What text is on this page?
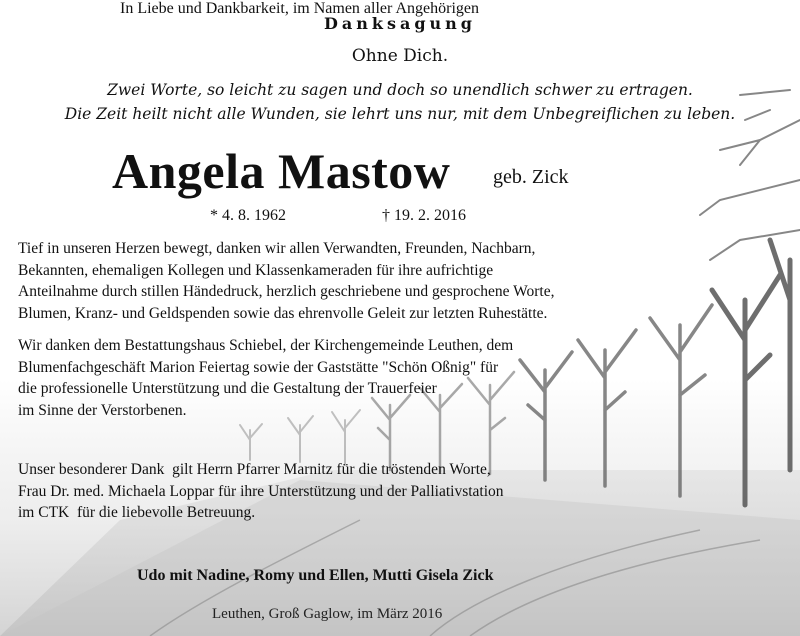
Danksagung
Ohne Dich.
Zwei Worte, so leicht zu sagen und doch so unendlich schwer zu ertragen.
Die Zeit heilt nicht alle Wunden, sie lehrt uns nur, mit dem Unbegreiflichen zu leben.
Angela Mastow geb. Zick
* 4. 8. 1962	† 19. 2. 2016
Tief in unseren Herzen bewegt, danken wir allen Verwandten, Freunden, Nachbarn,
Bekannten, ehemaligen Kollegen und Klassenkameraden für ihre aufrichtige
Anteilnahme durch stillen Händedruck, herzlich geschriebene und gesprochene Worte,
Blumen, Kranz- und Geldspenden sowie das ehrenvolle Geleit zur letzten Ruhestätte.
Wir danken dem Bestattungshaus Schiebel, der Kirchengemeinde Leuthen, dem
Blumenfachgeschäft Marion Feiertag sowie der Gaststätte "Schön Oßnig" für
die professionelle Unterstützung und die Gestaltung der Trauerfeier
im Sinne der Verstorbenen.
Unser besonderer Dank  gilt Herrn Pfarrer Marnitz für die tröstenden Worte,
Frau Dr. med. Michaela Loppar für ihre Unterstützung und der Palliativstation
im CTK  für die liebevolle Betreuung.
In Liebe und Dankbarkeit, im Namen aller Angehörigen
Udo mit Nadine, Romy und Ellen, Mutti Gisela Zick
Leuthen, Groß Gaglow, im März 2016
